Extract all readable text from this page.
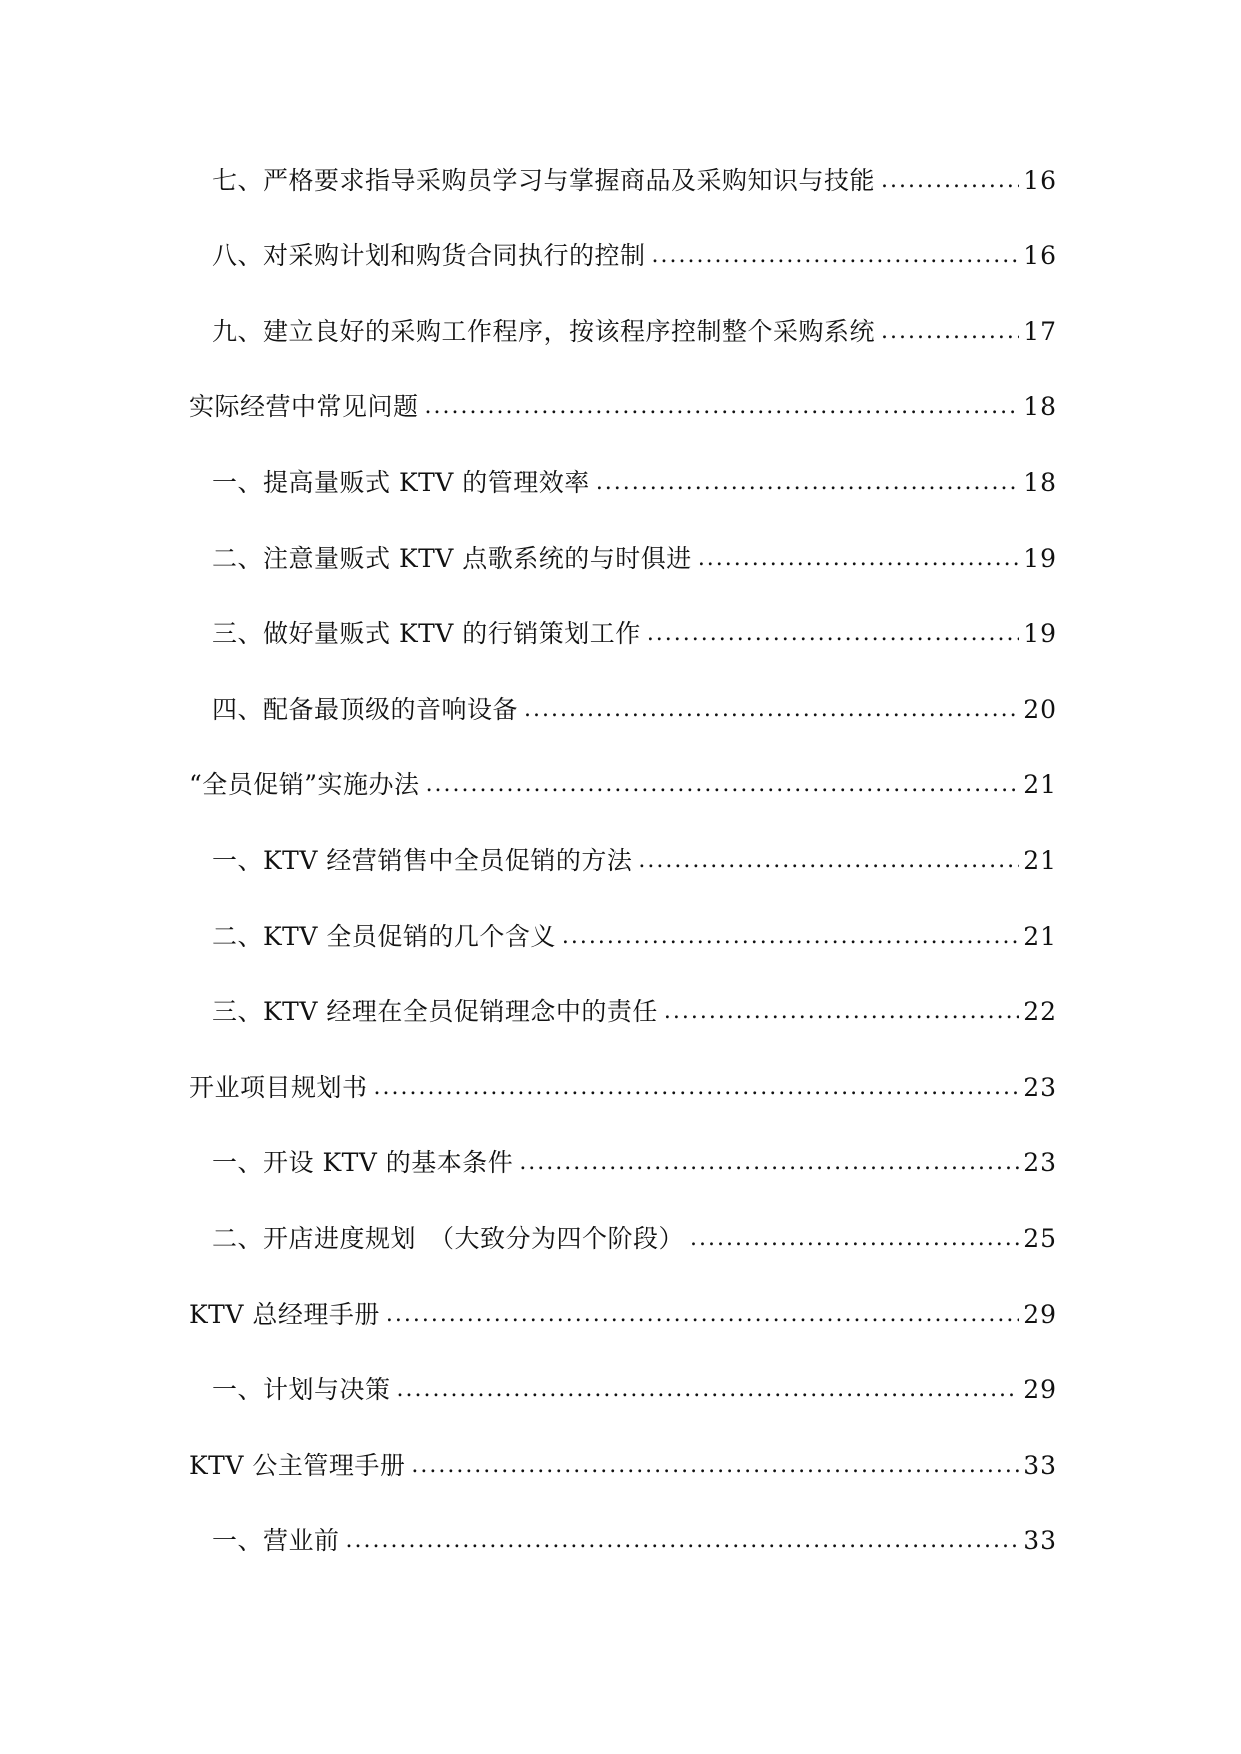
七、严格要求指导采购员学习与掌握商品及采购知识与技能 .....	16
八、对采购计划和购货合同执行的控制 .....	16
九、建立良好的采购工作程序，按该程序控制整个采购系统 .....	17
实际经营中常见问题 .....	18
一、提高量贩式 KTV 的管理效率 .....	18
二、注意量贩式 KTV 点歌系统的与时俱进 .....	19
三、做好量贩式 KTV 的行销策划工作 .....	19
四、配备最顶级的音响设备 .....	20
“全员促销”实施办法 .....	21
一、KTV 经营销售中全员促销的方法 .....	21
二、KTV 全员促销的几个含义 .....	21
三、KTV 经理在全员促销理念中的责任 .....	22
开业项目规划书 .....	23
一、开设 KTV 的基本条件 .....	23
二、开店进度规划　（大致分为四个阶段） .....	25
KTV 总经理手册 .....	29
一、计划与决策 .....	29
KTV 公主管理手册 .....	33
一、营业前 .....	33
